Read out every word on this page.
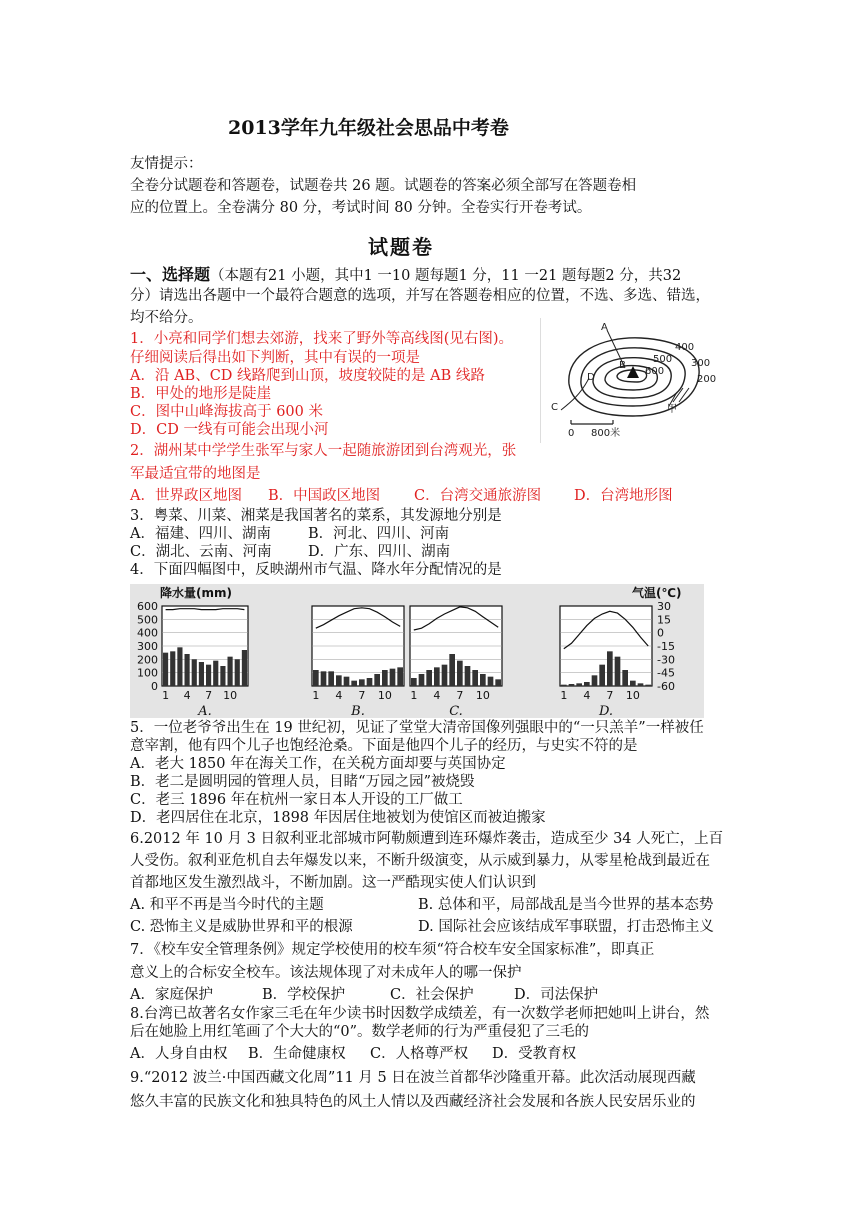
2013学年九年级社会思品中考卷
友情提示：
全卷分试题卷和答题卷，试题卷共 26 题。试题卷的答案必须全部写在答题卷相
应的位置上。全卷满分 80 分，考试时间 80 分钟。全卷实行开卷考试。
试题卷
一、选择题（本题有21 小题，其中1 一10 题每题1 分，11 一21 题每题2 分，共32
分）请选出各题中一个最符合题意的选项，并写在答题卷相应的位置，不选、多选、错选，
均不给分。
1．小亮和同学们想去郊游，找来了野外等高线图(见右图)。
仔细阅读后得出如下判断，其中有误的一项是
A．沿 AB、CD 线路爬到山顶，坡度较陡的是 AB 线路
B．甲处的地形是陡崖
C．图中山峰海拔高于 600 米
D．CD 一线有可能会出现小河
400
300
200
500
600
A
B
C
D
甲
0 800米
2．湖州某中学学生张军与家人一起随旅游团到台湾观光，张
军最适宜带的地图是
A．世界政区地图 B．中国政区地图 C．台湾交通旅游图 D．台湾地形图
3．粤菜、川菜、湘菜是我国著名的菜系，其发源地分别是
A．福建、四川、湖南	B．河北、四川、河南
C．湖北、云南、河南	D．广东、四川、湖南
4．下面四幅图中，反映湖州市气温、降水年分配情况的是
降水量(mm)	气温(℃)
600
500
400
300
200
100
0
30
15
0
-15
-30
-45
-60
1 4 7 10
A.
1 4 7 10
B.
1 4 7 10
C.
1 4 7 10
D.
5．一位老爷爷出生在 19 世纪初，见证了堂堂大清帝国像列强眼中的“一只羔羊”一样被任
意宰割，他有四个儿子也饱经沧桑。下面是他四个儿子的经历，与史实不符的是
A．老大 1850 年在海关工作，在关税方面却要与英国协定
B．老二是圆明园的管理人员，目睹“万园之园”被烧毁
C．老三 1896 年在杭州一家日本人开设的工厂做工
D．老四居住在北京，1898 年因居住地被划为使馆区而被迫搬家
6.2012 年 10 月 3 日叙利亚北部城市阿勒颇遭到连环爆炸袭击，造成至少 34 人死亡，上百
人受伤。叙利亚危机自去年爆发以来，不断升级演变，从示威到暴力，从零星枪战到最近在
首都地区发生激烈战斗，不断加剧。这一严酷现实使人们认识到
A. 和平不再是当今时代的主题	B. 总体和平，局部战乱是当今世界的基本态势
C. 恐怖主义是威胁世界和平的根源	D. 国际社会应该结成军事联盟，打击恐怖主义
7．《校车安全管理条例》规定学校使用的校车须“符合校车安全国家标准”，即真正
意义上的合标安全校车。该法规体现了对未成年人的哪一保护
A．家庭保护	B．学校保护	C．社会保护	D．司法保护
8.台湾已故著名女作家三毛在年少读书时因数学成绩差，有一次数学老师把她叫上讲台，然
后在她脸上用红笔画了个大大的“0”。数学老师的行为严重侵犯了三毛的
A．人身自由权 B．生命健康权 C．人格尊严权 D．受教育权
9.“2012 波兰·中国西藏文化周”11 月 5 日在波兰首都华沙隆重开幕。此次活动展现西藏
悠久丰富的民族文化和独具特色的风土人情以及西藏经济社会发展和各族人民安居乐业的
